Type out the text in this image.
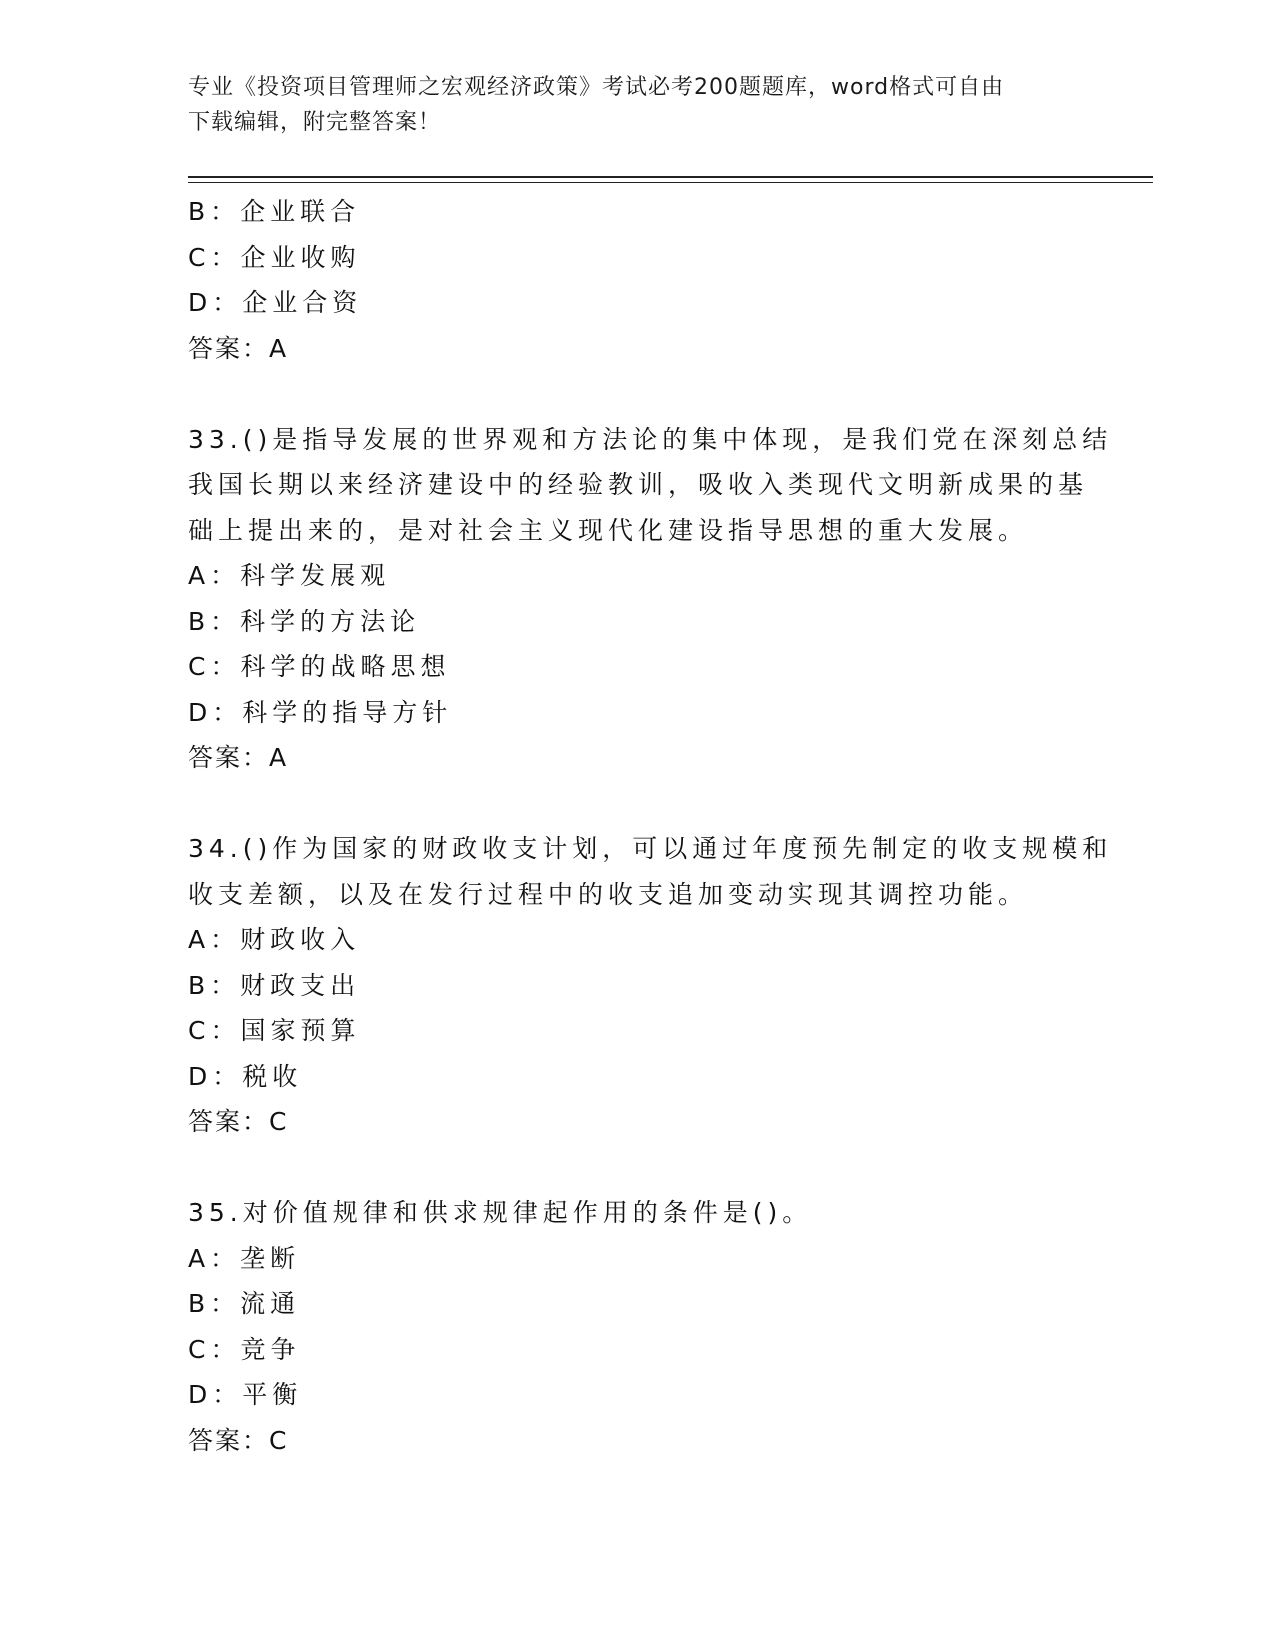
专业《投资项目管理师之宏观经济政策》考试必考200题题库，word格式可自由
下载编辑，附完整答案！
B：企业联合
C：企业收购
D：企业合资
答案：A
33.()是指导发展的世界观和方法论的集中体现，是我们党在深刻总结
我国长期以来经济建设中的经验教训，吸收入类现代文明新成果的基
础上提出来的，是对社会主义现代化建设指导思想的重大发展。
A：科学发展观
B：科学的方法论
C：科学的战略思想
D：科学的指导方针
答案：A
34.()作为国家的财政收支计划，可以通过年度预先制定的收支规模和
收支差额，以及在发行过程中的收支追加变动实现其调控功能。
A：财政收入
B：财政支出
C：国家预算
D：税收
答案：C
35.对价值规律和供求规律起作用的条件是()。
A：垄断
B：流通
C：竞争
D：平衡
答案：C
